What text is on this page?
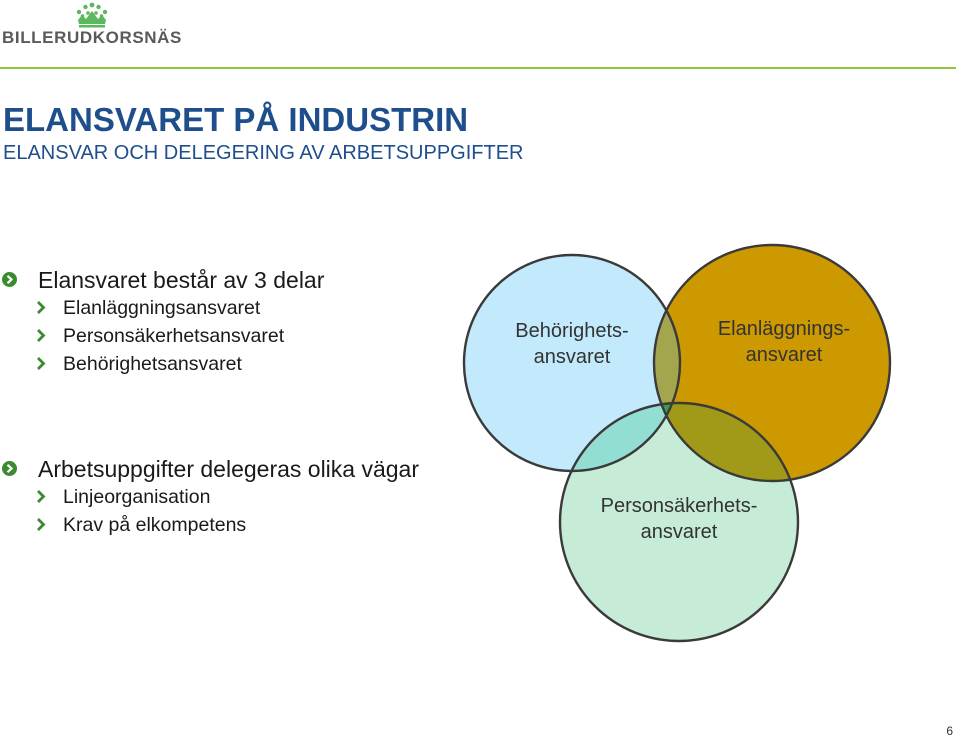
BILLERUDKORSNÄS
ELANSVARET PÅ INDUSTRIN
ELANSVAR OCH DELEGERING AV ARBETSUPPGIFTER
Elansvaret består av 3 delar
Elanläggningsansvaret
Personsäkerhetsansvaret
Behörighetsansvaret
Arbetsuppgifter delegeras olika vägar
Linjeorganisation
Krav på elkompetens
Behörighets-
ansvaret
Elanläggnings-
ansvaret
Personsäkerhets-
ansvaret
6
